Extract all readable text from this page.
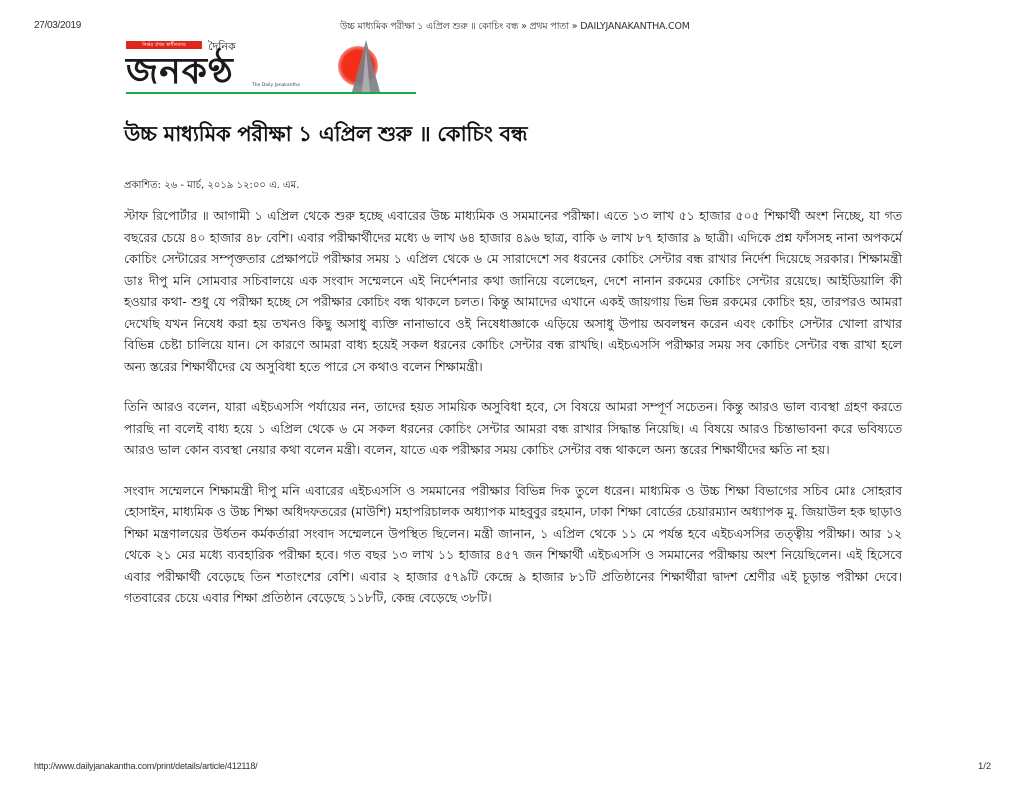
27/03/2019	উচ্চ মাধ্যমিক পরীক্ষা ১ এপ্রিল শুরু ॥ কোচিং বন্ধ » প্রথম পাতা » DAILYJANAKANTHA.COM
নির্ভর প্রথম স্বাধীনতার	দৈনিক
জনকণ্ঠ	The Daily Janakantha
উচ্চ মাধ্যমিক পরীক্ষা ১ এপ্রিল শুরু ॥ কোচিং বন্ধ
প্রকাশিত: ২৬ - মার্চ, ২০১৯ ১২:০০ এ. এম.

স্টাফ রিপোর্টার ॥ আগামী ১ এপ্রিল থেকে শুরু হচ্ছে এবারের উচ্চ মাধ্যমিক ও সমমানের পরীক্ষা। এতে ১৩ লাখ ৫১ হাজার ৫০৫ শিক্ষার্থী অংশ নিচ্ছে, যা গত বছরের চেয়ে ৪০ হাজার ৪৮ বেশি। এবার পরীক্ষার্থীদের মধ্যে ৬ লাখ ৬৪ হাজার ৪৯৬ ছাত্র, বাকি ৬ লাখ ৮৭ হাজার ৯ ছাত্রী। এদিকে প্রশ্ন ফাঁসসহ নানা অপকর্মে কোচিং সেন্টারের সম্পৃক্ততার প্রেক্ষাপটে পরীক্ষার সময় ১ এপ্রিল থেকে ৬ মে সারাদেশে সব ধরনের কোচিং সেন্টার বন্ধ রাখার নির্দেশ দিয়েছে সরকার। শিক্ষামন্ত্রী ডাঃ দীপু মনি সোমবার সচিবালয়ে এক সংবাদ সম্মেলনে এই নির্দেশনার কথা জানিয়ে বলেছেন, দেশে নানান রকমের কোচিং সেন্টার রয়েছে। আইডিয়ালি কী হওয়ার কথা- শুধু যে পরীক্ষা হচ্ছে সে পরীক্ষার কোচিং বন্ধ থাকলে চলত। কিন্তু আমাদের এখানে একই জায়গায় ভিন্ন ভিন্ন রকমের কোচিং হয়, তারপরও আমরা দেখেছি যখন নিষেধ করা হয় তখনও কিছু অসাধু ব্যক্তি নানাভাবে ওই নিষেধাজ্ঞাকে এড়িয়ে অসাধু উপায় অবলম্বন করেন এবং কোচিং সেন্টার খোলা রাখার বিভিন্ন চেষ্টা চালিয়ে যান। সে কারণে আমরা বাধ্য হয়েই সকল ধরনের কোচিং সেন্টার বন্ধ রাখছি। এইচএসসি পরীক্ষার সময় সব কোচিং সেন্টার বন্ধ রাখা হলে অন্য স্তরের শিক্ষার্থীদের যে অসুবিধা হতে পারে সে কথাও বলেন শিক্ষামন্ত্রী।

তিনি আরও বলেন, যারা এইচএসসি পর্যায়ের নন, তাদের হয়ত সাময়িক অসুবিধা হবে, সে বিষয়ে আমরা সম্পূর্ণ সচেতন। কিন্তু আরও ভাল ব্যবস্থা গ্রহণ করতে পারছি না বলেই বাধ্য হয়ে ১ এপ্রিল থেকে ৬ মে সকল ধরনের কোচিং সেন্টার আমরা বন্ধ রাখার সিদ্ধান্ত নিয়েছি। এ বিষয়ে আরও চিন্তাভাবনা করে ভবিষ্যতে আরও ভাল কোন ব্যবস্থা নেয়ার কথা বলেন মন্ত্রী। বলেন, যাতে এক পরীক্ষার সময় কোচিং সেন্টার বন্ধ থাকলে অন্য স্তরের শিক্ষার্থীদের ক্ষতি না হয়।

সংবাদ সম্মেলনে শিক্ষামন্ত্রী দীপু মনি এবারের এইচএসসি ও সমমানের পরীক্ষার বিভিন্ন দিক তুলে ধরেন। মাধ্যমিক ও উচ্চ শিক্ষা বিভাগের সচিব মোঃ সোহরাব হোসাইন, মাধ্যমিক ও উচ্চ শিক্ষা অধিদফতরের (মাউশি) মহাপরিচালক অধ্যাপক মাহবুবুর রহমান, ঢাকা শিক্ষা বোর্ডের চেয়ারম্যান অধ্যাপক মু. জিয়াউল হক ছাড়াও শিক্ষা মন্ত্রণালয়ের উর্ধতন কর্মকর্তারা সংবাদ সম্মেলনে উপস্থিত ছিলেন। মন্ত্রী জানান, ১ এপ্রিল থেকে ১১ মে পর্যন্ত হবে এইচএসসির তত্ত্বীয় পরীক্ষা। আর ১২ থেকে ২১ মের মধ্যে ব্যবহারিক পরীক্ষা হবে। গত বছর ১৩ লাখ ১১ হাজার ৪৫৭ জন শিক্ষার্থী এইচএসসি ও সমমানের পরীক্ষায় অংশ নিয়েছিলেন। এই হিসেবে এবার পরীক্ষার্থী বেড়েছে তিন শতাংশের বেশি। এবার ২ হাজার ৫৭৯টি কেন্দ্রে ৯ হাজার ৮১টি প্রতিষ্ঠানের শিক্ষার্থীরা দ্বাদশ শ্রেণীর এই চূড়ান্ত পরীক্ষা দেবে। গতবারের চেয়ে এবার শিক্ষা প্রতিষ্ঠান বেড়েছে ১১৮টি, কেন্দ্র বেড়েছে ৩৮টি।

http://www.dailyjanakantha.com/print/details/article/412118/	1/2
